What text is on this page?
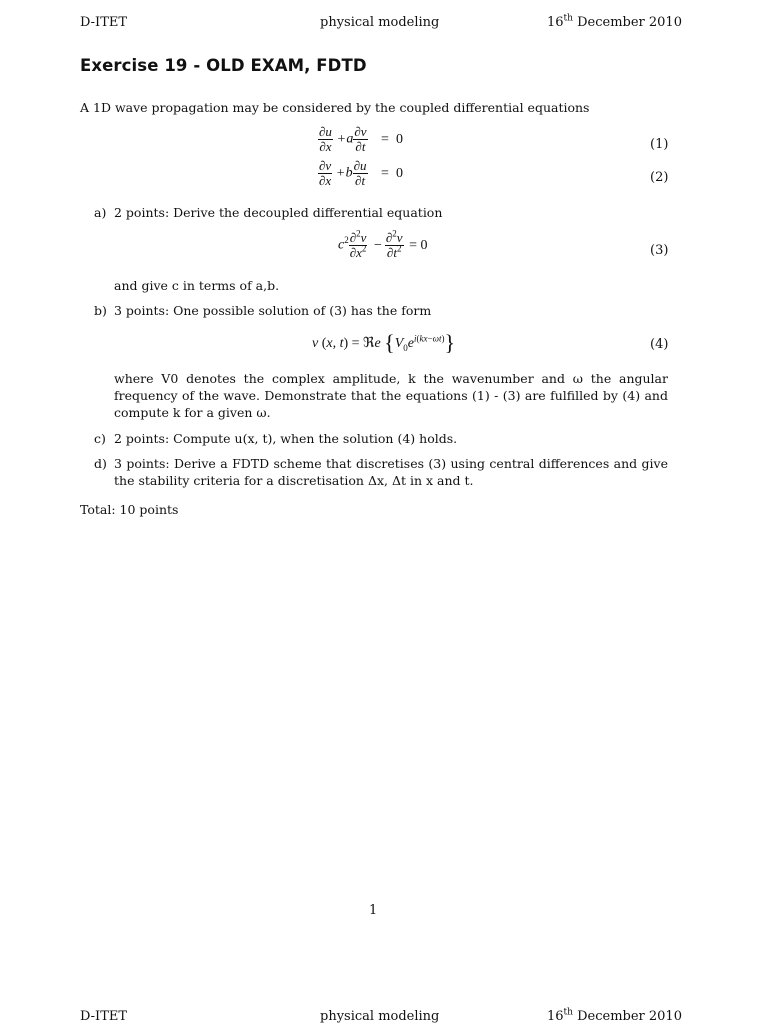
D-ITET	physical modeling	16th December 2010
Exercise 19 - OLD EXAM, FDTD
A 1D wave propagation may be considered by the coupled differential equations
$\frac{\partial u}{\partial x} +a \frac{\partial v}{\partial t} = 0$	(1)
$\frac{\partial v}{\partial x} +b \frac{\partial u}{\partial t} = 0$	(2)
a) 2 points: Derive the decoupled differential equation
$c^2 \frac{\partial^2v}{\partial x^2} - \frac{\partial^2v}{\partial t^2} = 0$	(3)
and give c in terms of a,b.
b) 3 points: One possible solution of (3) has the form
v (x, t) = ℜe $\{V_0e^{i(kx-\omega t)}\}$	(4)
where V0 denotes the complex amplitude, k the wavenumber and ω the angular frequency of the wave. Demonstrate that the equations (1) - (3) are fulfilled by (4) and compute k for a given ω.
c) 2 points: Compute u(x, t), when the solution (4) holds.
d) 3 points: Derive a FDTD scheme that discretises (3) using central differences and give the stability criteria for a discretisation Δx, Δt in x and t.
Total: 10 points
1
D-ITET	physical modeling	16th December 2010
